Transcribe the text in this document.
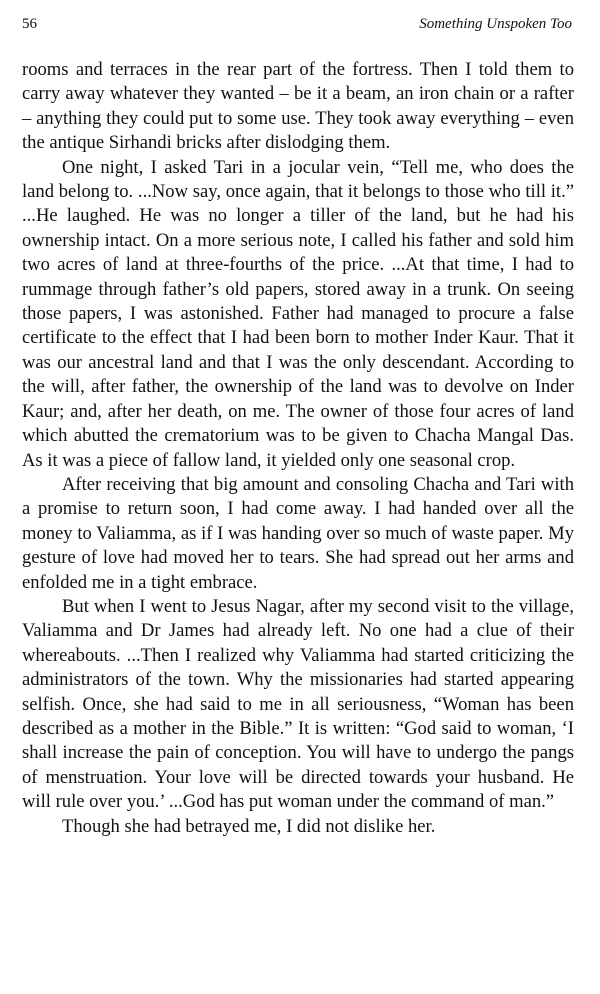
56	Something Unspoken Too

rooms and terraces in the rear part of the fortress. Then I told them to carry away whatever they wanted – be it a beam, an iron chain or a rafter – anything they could put to some use. They took away everything – even the antique Sirhandi bricks after dislodging them.

One night, I asked Tari in a jocular vein, “Tell me, who does the land belong to. ...Now say, once again, that it belongs to those who till it.” ...He laughed. He was no longer a tiller of the land, but he had his ownership intact. On a more serious note, I called his father and sold him two acres of land at three-fourths of the price. ...At that time, I had to rummage through father’s old papers, stored away in a trunk. On seeing those papers, I was astonished. Father had managed to procure a false certificate to the effect that I had been born to mother Inder Kaur. That it was our ancestral land and that I was the only descendant. According to the will, after father, the ownership of the land was to devolve on Inder Kaur; and, after her death, on me. The owner of those four acres of land which abutted the crematorium was to be given to Chacha Mangal Das. As it was a piece of fallow land, it yielded only one seasonal crop.

After receiving that big amount and consoling Chacha and Tari with a promise to return soon, I had come away. I had handed over all the money to Valiamma, as if I was handing over so much of waste paper. My gesture of love had moved her to tears. She had spread out her arms and enfolded me in a tight embrace.

But when I went to Jesus Nagar, after my second visit to the village, Valiamma and Dr James had already left. No one had a clue of their whereabouts. ...Then I realized why Valiamma had started criticizing the administrators of the town. Why the missionaries had started appearing selfish. Once, she had said to me in all seriousness, “Woman has been described as a mother in the Bible.” It is written: “God said to woman, ‘I shall increase the pain of conception. You will have to undergo the pangs of menstruation. Your love will be directed towards your husband. He will rule over you.’ ...God has put woman under the command of man.”

Though she had betrayed me, I did not dislike her.
